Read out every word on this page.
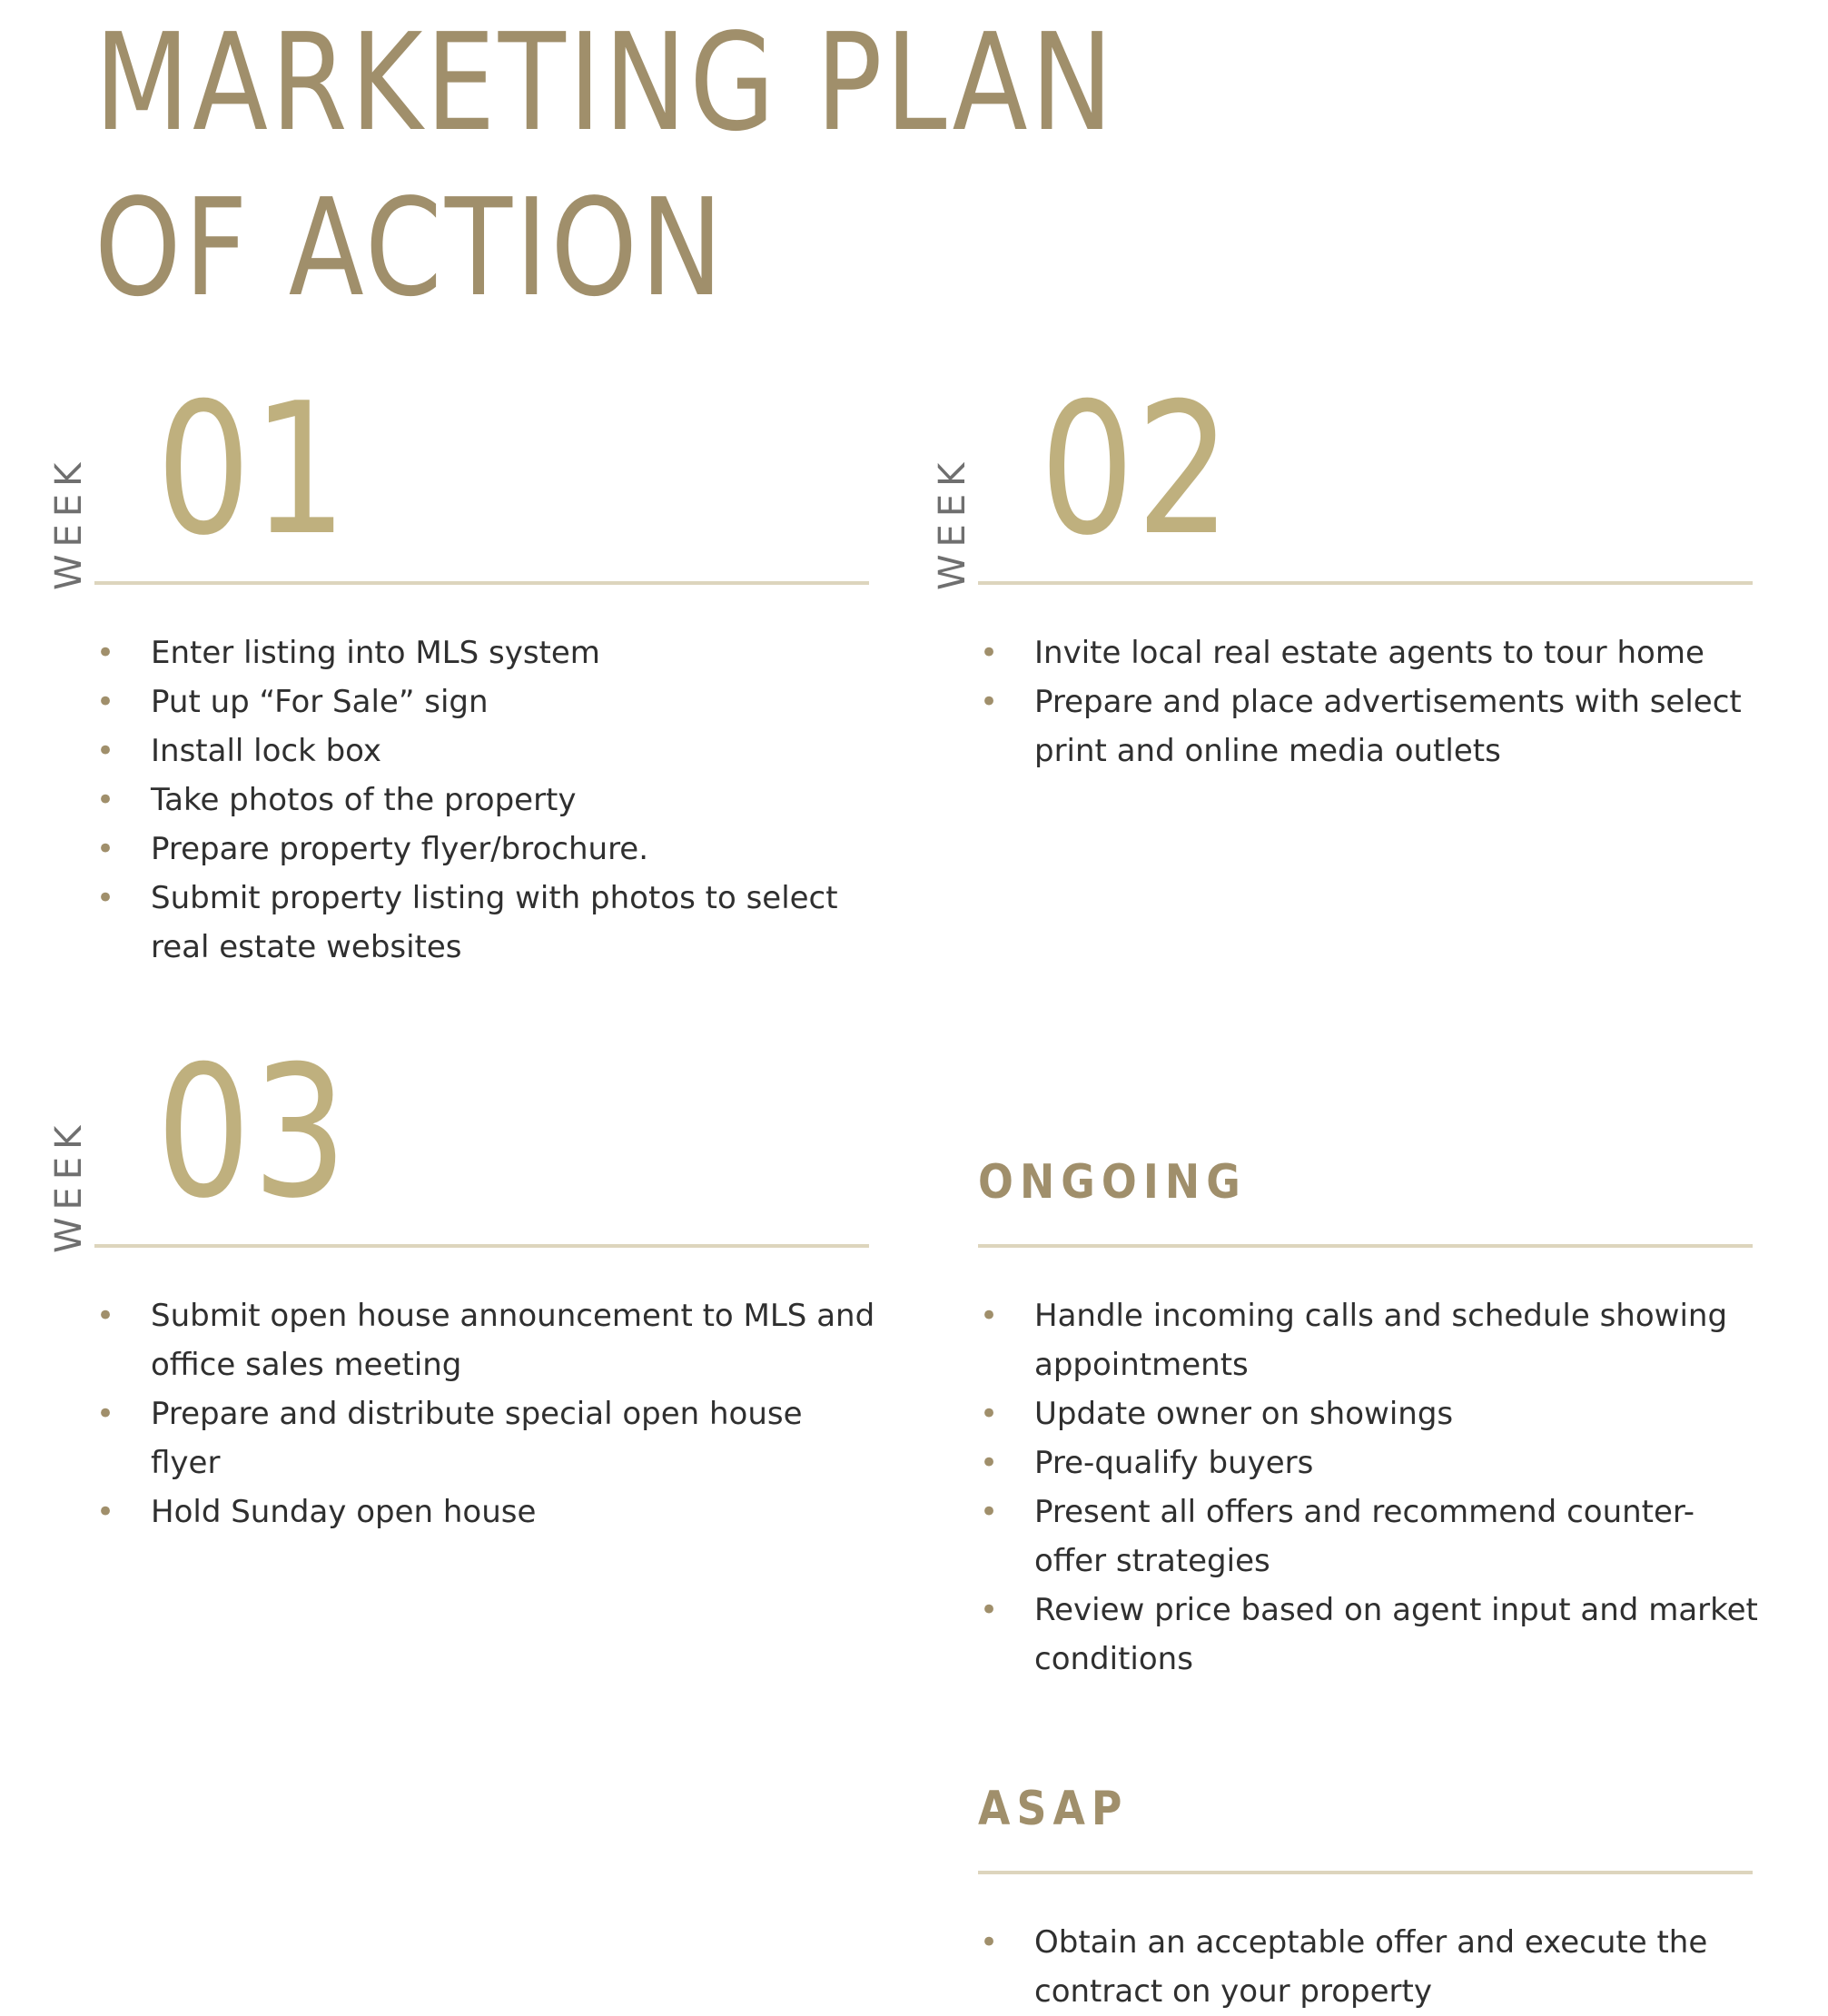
MARKETING PLAN
OF ACTION
WEEK 01
• Enter listing into MLS system
• Put up “For Sale” sign
• Install lock box
• Take photos of the property
• Prepare property flyer/brochure.
• Submit property listing with photos to select real estate websites
WEEK 02
• Invite local real estate agents to tour home
• Prepare and place advertisements with select print and online media outlets
WEEK 03
• Submit open house announcement to MLS and office sales meeting
• Prepare and distribute special open house flyer
• Hold Sunday open house
ONGOING
• Handle incoming calls and schedule showing appointments
• Update owner on showings
• Pre-qualify buyers
• Present all offers and recommend counter-offer strategies
• Review price based on agent input and market conditions
ASAP
• Obtain an acceptable offer and execute the contract on your property
